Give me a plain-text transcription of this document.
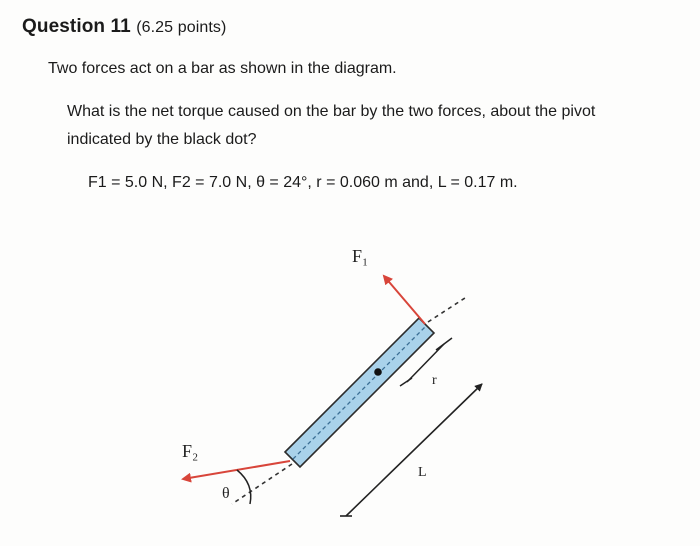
Question 11 (6.25 points)
Two forces act on a bar as shown in the diagram.
What is the net torque caused on the bar by the two forces, about the pivot indicated by the black dot?
F1 = 5.0 N, F2 = 7.0 N, θ = 24°, r = 0.060 m and, L = 0.17 m.
F₁
F₂
θ
r
L
